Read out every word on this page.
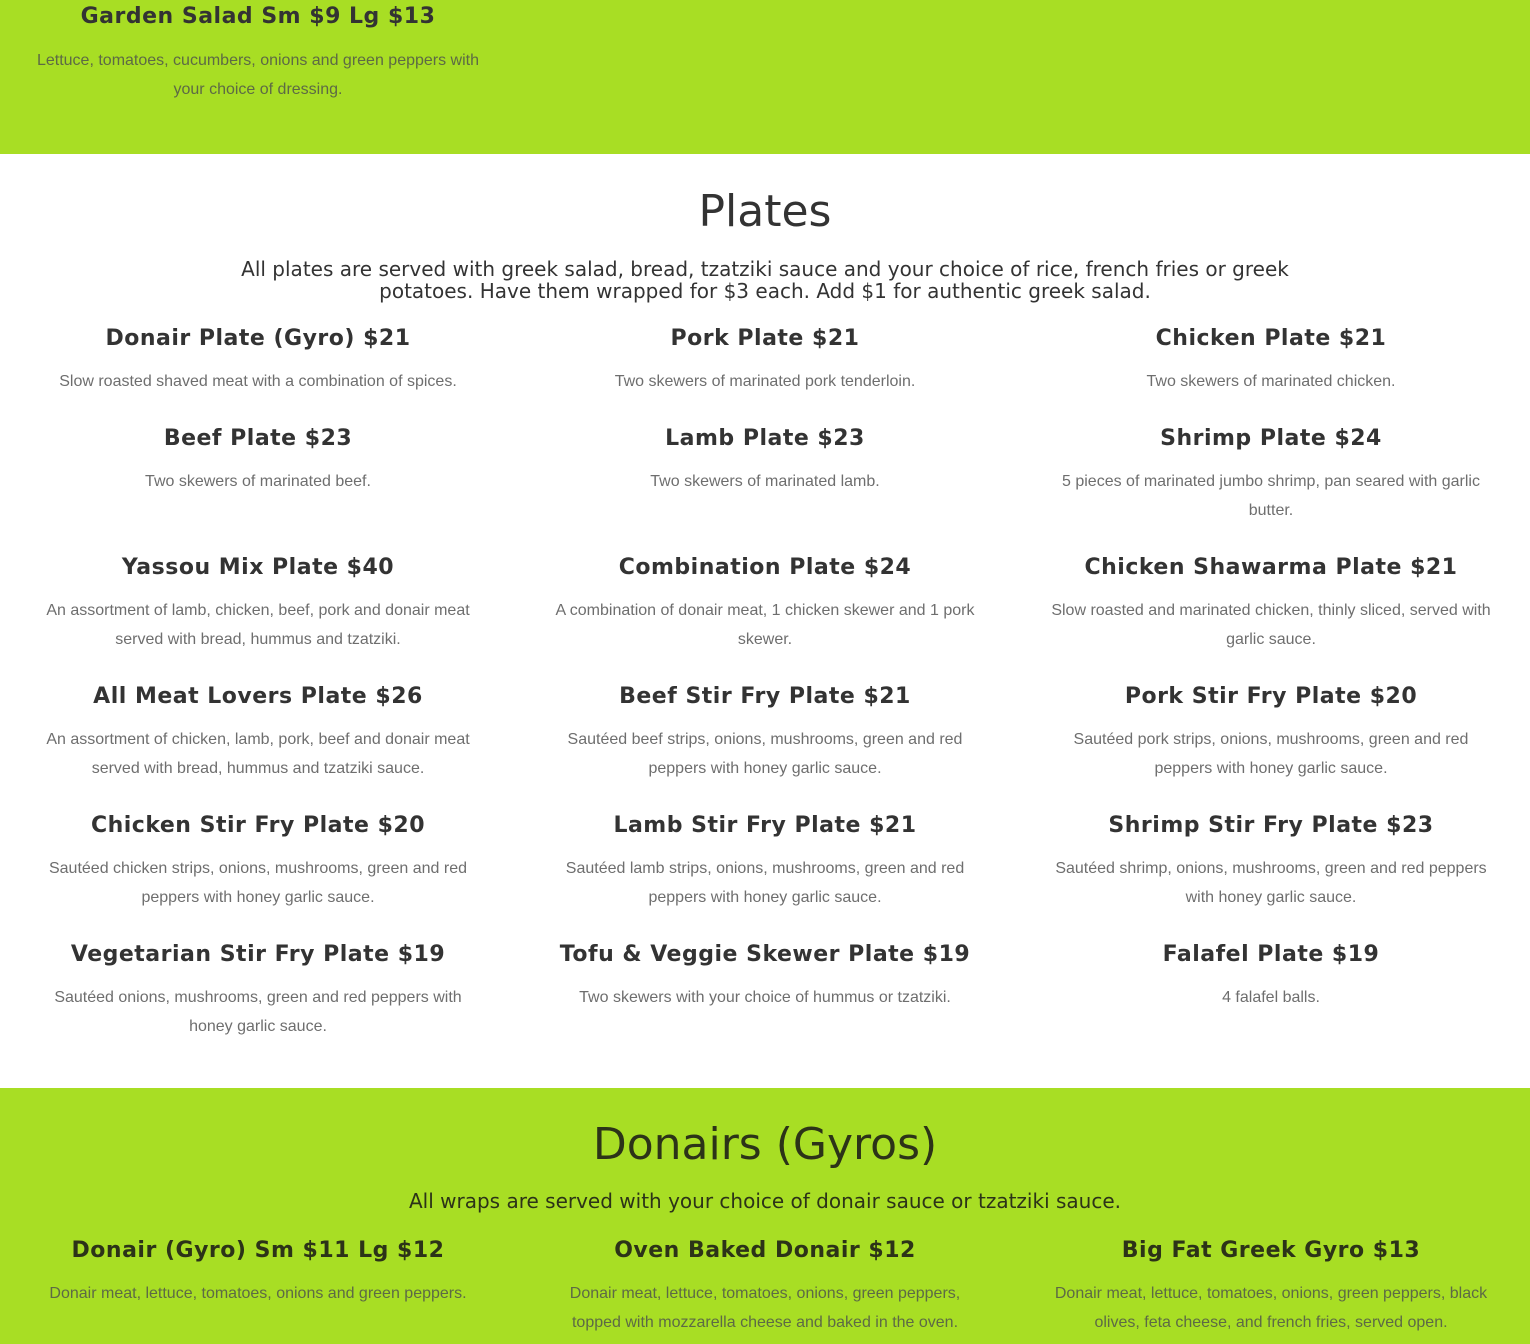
Garden Salad Sm $9 Lg $13

Lettuce, tomatoes, cucumbers, onions and green peppers with your choice of dressing.

Plates

All plates are served with greek salad, bread, tzatziki sauce and your choice of rice, french fries or greek potatoes. Have them wrapped for $3 each. Add $1 for authentic greek salad.

Donair Plate (Gyro) $21

Slow roasted shaved meat with a combination of spices.

Pork Plate $21

Two skewers of marinated pork tenderloin.

Chicken Plate $21

Two skewers of marinated chicken.

Beef Plate $23

Two skewers of marinated beef.

Lamb Plate $23

Two skewers of marinated lamb.

Shrimp Plate $24

5 pieces of marinated jumbo shrimp, pan seared with garlic butter.

Yassou Mix Plate $40

An assortment of lamb, chicken, beef, pork and donair meat served with bread, hummus and tzatziki.

Combination Plate $24

A combination of donair meat, 1 chicken skewer and 1 pork skewer.

Chicken Shawarma Plate $21

Slow roasted and marinated chicken, thinly sliced, served with garlic sauce.

All Meat Lovers Plate $26

An assortment of chicken, lamb, pork, beef and donair meat served with bread, hummus and tzatziki sauce.

Beef Stir Fry Plate $21

Sautéed beef strips, onions, mushrooms, green and red peppers with honey garlic sauce.

Pork Stir Fry Plate $20

Sautéed pork strips, onions, mushrooms, green and red peppers with honey garlic sauce.

Chicken Stir Fry Plate $20

Sautéed chicken strips, onions, mushrooms, green and red peppers with honey garlic sauce.

Lamb Stir Fry Plate $21

Sautéed lamb strips, onions, mushrooms, green and red peppers with honey garlic sauce.

Shrimp Stir Fry Plate $23

Sautéed shrimp, onions, mushrooms, green and red peppers with honey garlic sauce.

Vegetarian Stir Fry Plate $19

Sautéed onions, mushrooms, green and red peppers with honey garlic sauce.

Tofu & Veggie Skewer Plate $19

Two skewers with your choice of hummus or tzatziki.

Falafel Plate $19

4 falafel balls.

Donairs (Gyros)

All wraps are served with your choice of donair sauce or tzatziki sauce.

Donair (Gyro) Sm $11 Lg $12

Donair meat, lettuce, tomatoes, onions and green peppers.

Oven Baked Donair $12

Donair meat, lettuce, tomatoes, onions, green peppers, topped with mozzarella cheese and baked in the oven.

Big Fat Greek Gyro $13

Donair meat, lettuce, tomatoes, onions, green peppers, black olives, feta cheese, and french fries, served open.
